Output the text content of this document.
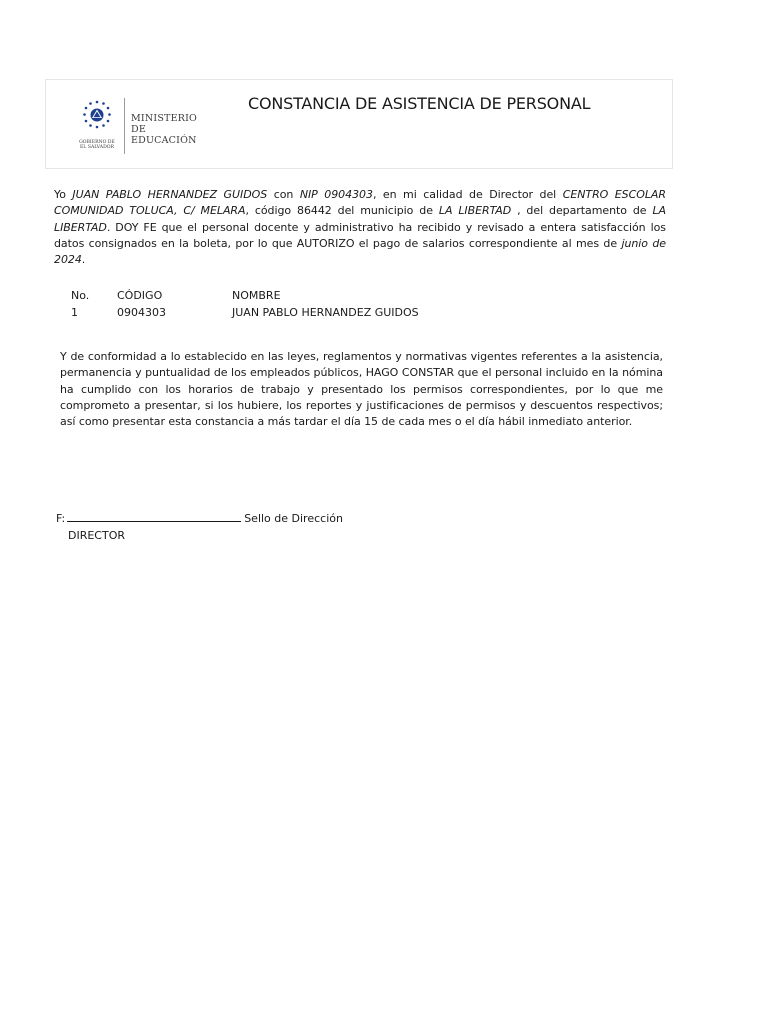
MINISTERIO
DE EDUCACIÓN
GOBIERNO DE
EL SALVADOR
CONSTANCIA DE ASISTENCIA DE PERSONAL
Yo JUAN PABLO HERNANDEZ GUIDOS con NIP 0904303, en mi calidad de Director del CENTRO ESCOLAR COMUNIDAD TOLUCA, C/ MELARA, código 86442 del municipio de LA LIBERTAD , del departamento de LA LIBERTAD. DOY FE que el personal docente y administrativo ha recibido y revisado a entera satisfacción los datos consignados en la boleta, por lo que AUTORIZO el pago de salarios correspondiente al mes de junio de 2024.
No.	CÓDIGO	NOMBRE
1	0904303	JUAN PABLO HERNANDEZ GUIDOS
Y de conformidad a lo establecido en las leyes, reglamentos y normativas vigentes referentes a la asistencia, permanencia y puntualidad de los empleados públicos, HAGO CONSTAR que el personal incluido en la nómina ha cumplido con los horarios de trabajo y presentado los permisos correspondientes, por lo que me comprometo a presentar, si los hubiere, los reportes y justificaciones de permisos y descuentos respectivos; así como presentar esta constancia a más tardar el día 15 de cada mes o el día hábil inmediato anterior.
F:	Sello de Dirección
DIRECTOR
